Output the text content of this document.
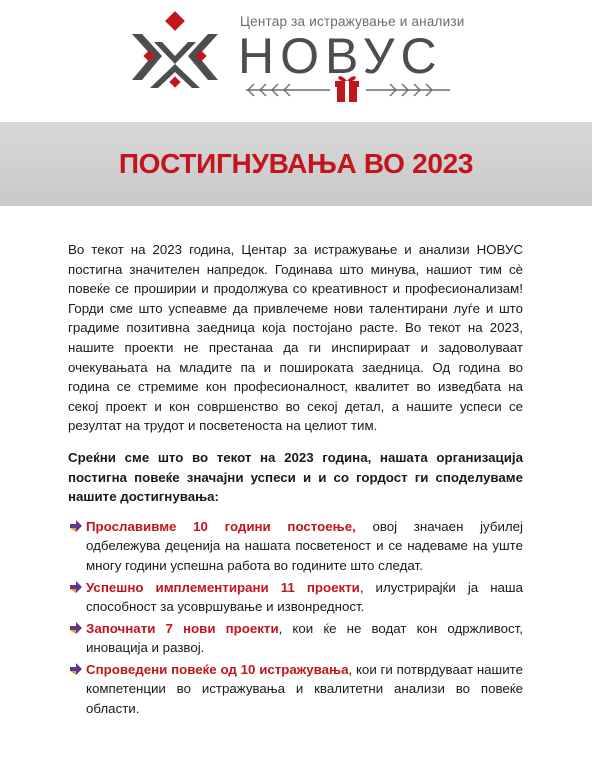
Центар за истражување и анализи
НОВУС
ПОСТИГНУВАЊА ВО 2023

Во текот на 2023 година, Центар за истражување и анализи НОВУС постигна значителен напредок. Годинава што минува, нашиот тим сè повеќе се проширии и продолжува со креативност и професионализам! Горди сме што успеавме да привлечеме нови талентирани луѓе и што градиме позитивна заедница која постојано расте. Во текот на 2023, нашите проекти не престанаа да ги инспирираат и задоволуваат очекувањата на младите па и пошироката заедница. Од година во година се стремиме кон професионалност, квалитет во изведбата на секој проект и кон совршенство во секој детал, а нашите успеси се резултат на трудот и посветеноста на целиот тим.

Среќни сме што во текот на 2023 година, нашата организација постигна повеќе значајни успеси и и со гордост ги споделуваме нашите достигнувања:

Прославивме 10 години постоење, овој значаен јубилеј одбележува деценија на нашата посветеност и се надеваме на уште многу години успешна работа во годините што следат.
Успешно имплементирани 11 проекти, илустрирајќи ја наша способност за усовршување и извонредност.
Започнати 7 нови проекти, кои ќе не водат кон одржливост, иновација и развој.
Спроведени повеќе од 10 истражувања, кои ги потврдуваат нашите компетенции во истражувања и квалитетни анализи во повеќе области.
